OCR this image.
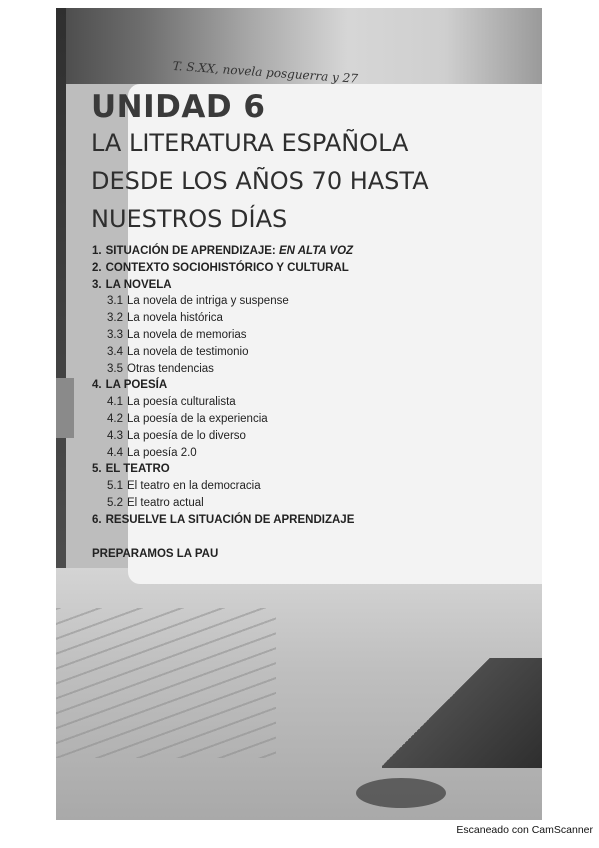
T. S.XX, novela posguerra y 27
UNIDAD 6
LA LITERATURA ESPAÑOLA
DESDE LOS AÑOS 70 HASTA
NUESTROS DÍAS
1. SITUACIÓN DE APRENDIZAJE: EN ALTA VOZ
2. CONTEXTO SOCIOHISTÓRICO Y CULTURAL
3. LA NOVELA
3.1 La novela de intriga y suspense
3.2 La novela histórica
3.3 La novela de memorias
3.4 La novela de testimonio
3.5 Otras tendencias
4. LA POESÍA
4.1 La poesía culturalista
4.2 La poesía de la experiencia
4.3 La poesía de lo diverso
4.4 La poesía 2.0
5. EL TEATRO
5.1 El teatro en la democracia
5.2 El teatro actual
6. RESUELVE LA SITUACIÓN DE APRENDIZAJE
PREPARAMOS LA PAU
Escaneado con CamScanner
